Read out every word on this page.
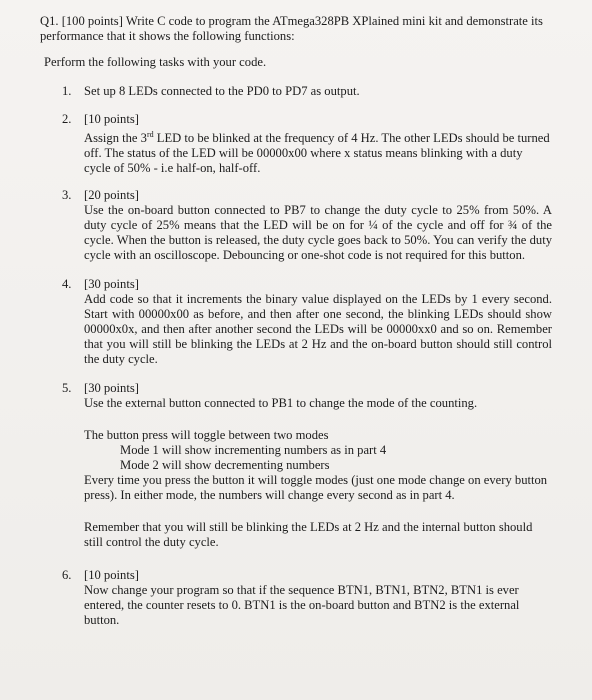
Q1. [100 points] Write C code to program the ATmega328PB XPlained mini kit and demonstrate its performance that it shows the following functions:

Perform the following tasks with your code.

1. Set up 8 LEDs connected to the PD0 to PD7 as output.

2. [10 points]

Assign the 3rd LED to be blinked at the frequency of 4 Hz. The other LEDs should be turned off. The status of the LED will be 00000x00 where x status means blinking with a duty cycle of 50% - i.e half-on, half-off.

3. [20 points]

Use the on-board button connected to PB7 to change the duty cycle to 25% from 50%. A duty cycle of 25% means that the LED will be on for ¼ of the cycle and off for ¾ of the cycle. When the button is released, the duty cycle goes back to 50%. You can verify the duty cycle with an oscilloscope. Debouncing or one-shot code is not required for this button.

4. [30 points]

Add code so that it increments the binary value displayed on the LEDs by 1 every second. Start with 00000x00 as before, and then after one second, the blinking LEDs should show 00000x0x, and then after another second the LEDs will be 00000xx0 and so on. Remember that you will still be blinking the LEDs at 2 Hz and the on-board button should still control the duty cycle.

5. [30 points]

Use the external button connected to PB1 to change the mode of the counting.

The button press will toggle between two modes

Mode 1 will show incrementing numbers as in part 4

Mode 2 will show decrementing numbers

Every time you press the button it will toggle modes (just one mode change on every button press). In either mode, the numbers will change every second as in part 4.

Remember that you will still be blinking the LEDs at 2 Hz and the internal button should still control the duty cycle.

6. [10 points]

Now change your program so that if the sequence BTN1, BTN1, BTN2, BTN1 is ever entered, the counter resets to 0. BTN1 is the on-board button and BTN2 is the external button.
